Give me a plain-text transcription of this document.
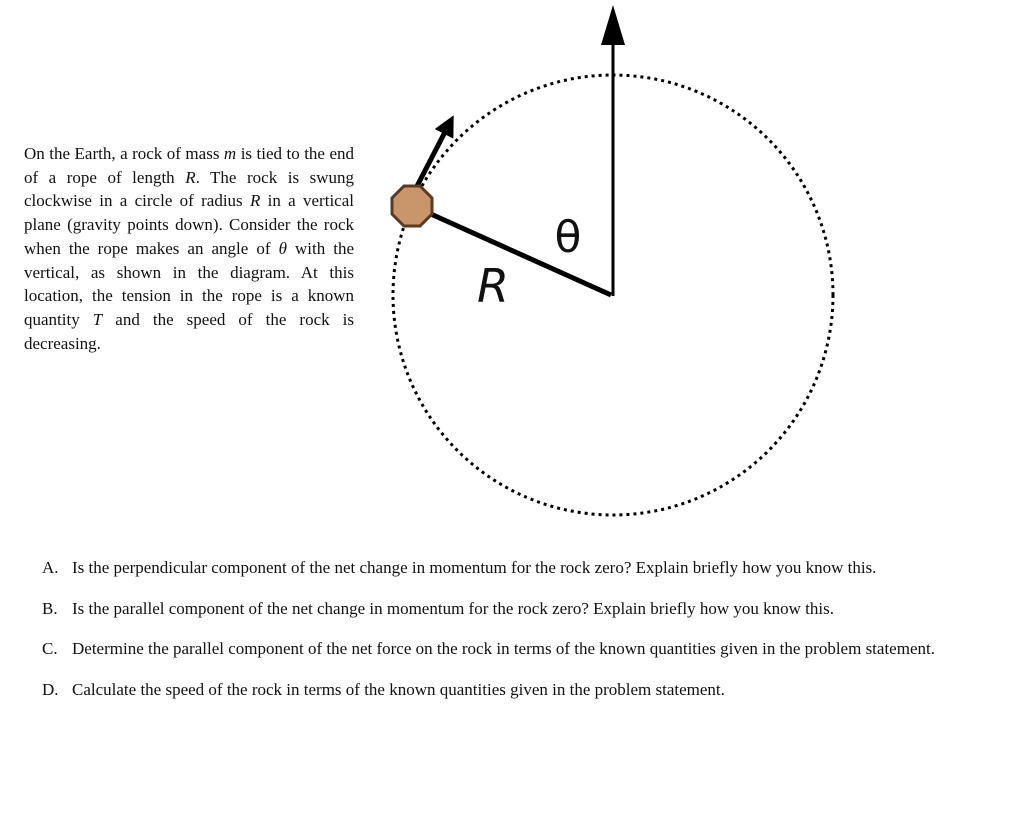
On the Earth, a rock of mass m is tied to the end of a rope of length R. The rock is swung clockwise in a circle of radius R in a vertical plane (gravity points down). Consider the rock when the rope makes an angle of θ with the vertical, as shown in the diagram. At this location, the tension in the rope is a known quantity T and the speed of the rock is decreasing.

θ
R
A. Is the perpendicular component of the net change in momentum for the rock zero? Explain briefly how you know this.
B. Is the parallel component of the net change in momentum for the rock zero? Explain briefly how you know this.
C. Determine the parallel component of the net force on the rock in terms of the known quantities given in the problem statement.
D. Calculate the speed of the rock in terms of the known quantities given in the problem statement.
